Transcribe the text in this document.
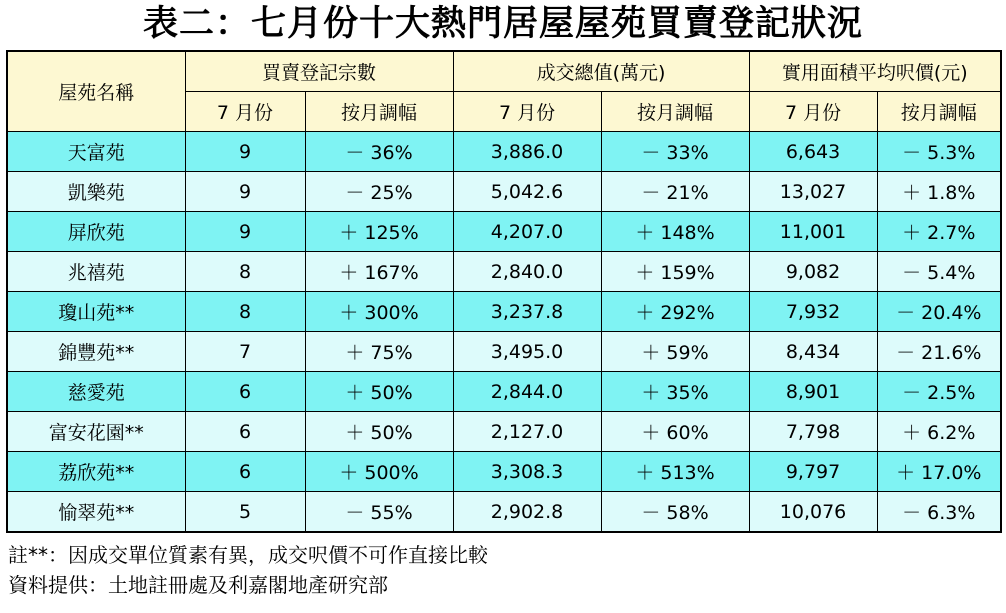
表二：七月份十大熱門居屋屋苑買賣登記狀況
屋苑名稱	買賣登記宗數		成交總值(萬元)		實用面積平均呎價(元)	
	7 月份	按月調幅	7 月份	按月調幅	7 月份	按月調幅
天富苑	9	－ 36%	3,886.0	－ 33%	6,643	－ 5.3%
凱樂苑	9	－ 25%	5,042.6	－ 21%	13,027	＋ 1.8%
屏欣苑	9	＋ 125%	4,207.0	＋ 148%	11,001	＋ 2.7%
兆禧苑	8	＋ 167%	2,840.0	＋ 159%	9,082	－ 5.4%
瓊山苑**	8	＋ 300%	3,237.8	＋ 292%	7,932	－ 20.4%
錦豐苑**	7	＋ 75%	3,495.0	＋ 59%	8,434	－ 21.6%
慈愛苑	6	＋ 50%	2,844.0	＋ 35%	8,901	－ 2.5%
富安花園**	6	＋ 50%	2,127.0	＋ 60%	7,798	＋ 6.2%
荔欣苑**	6	＋ 500%	3,308.3	＋ 513%	9,797	＋ 17.0%
愉翠苑**	5	－ 55%	2,902.8	－ 58%	10,076	－ 6.3%
註**：因成交單位質素有異，成交呎價不可作直接比較
資料提供：土地註冊處及利嘉閣地產研究部
